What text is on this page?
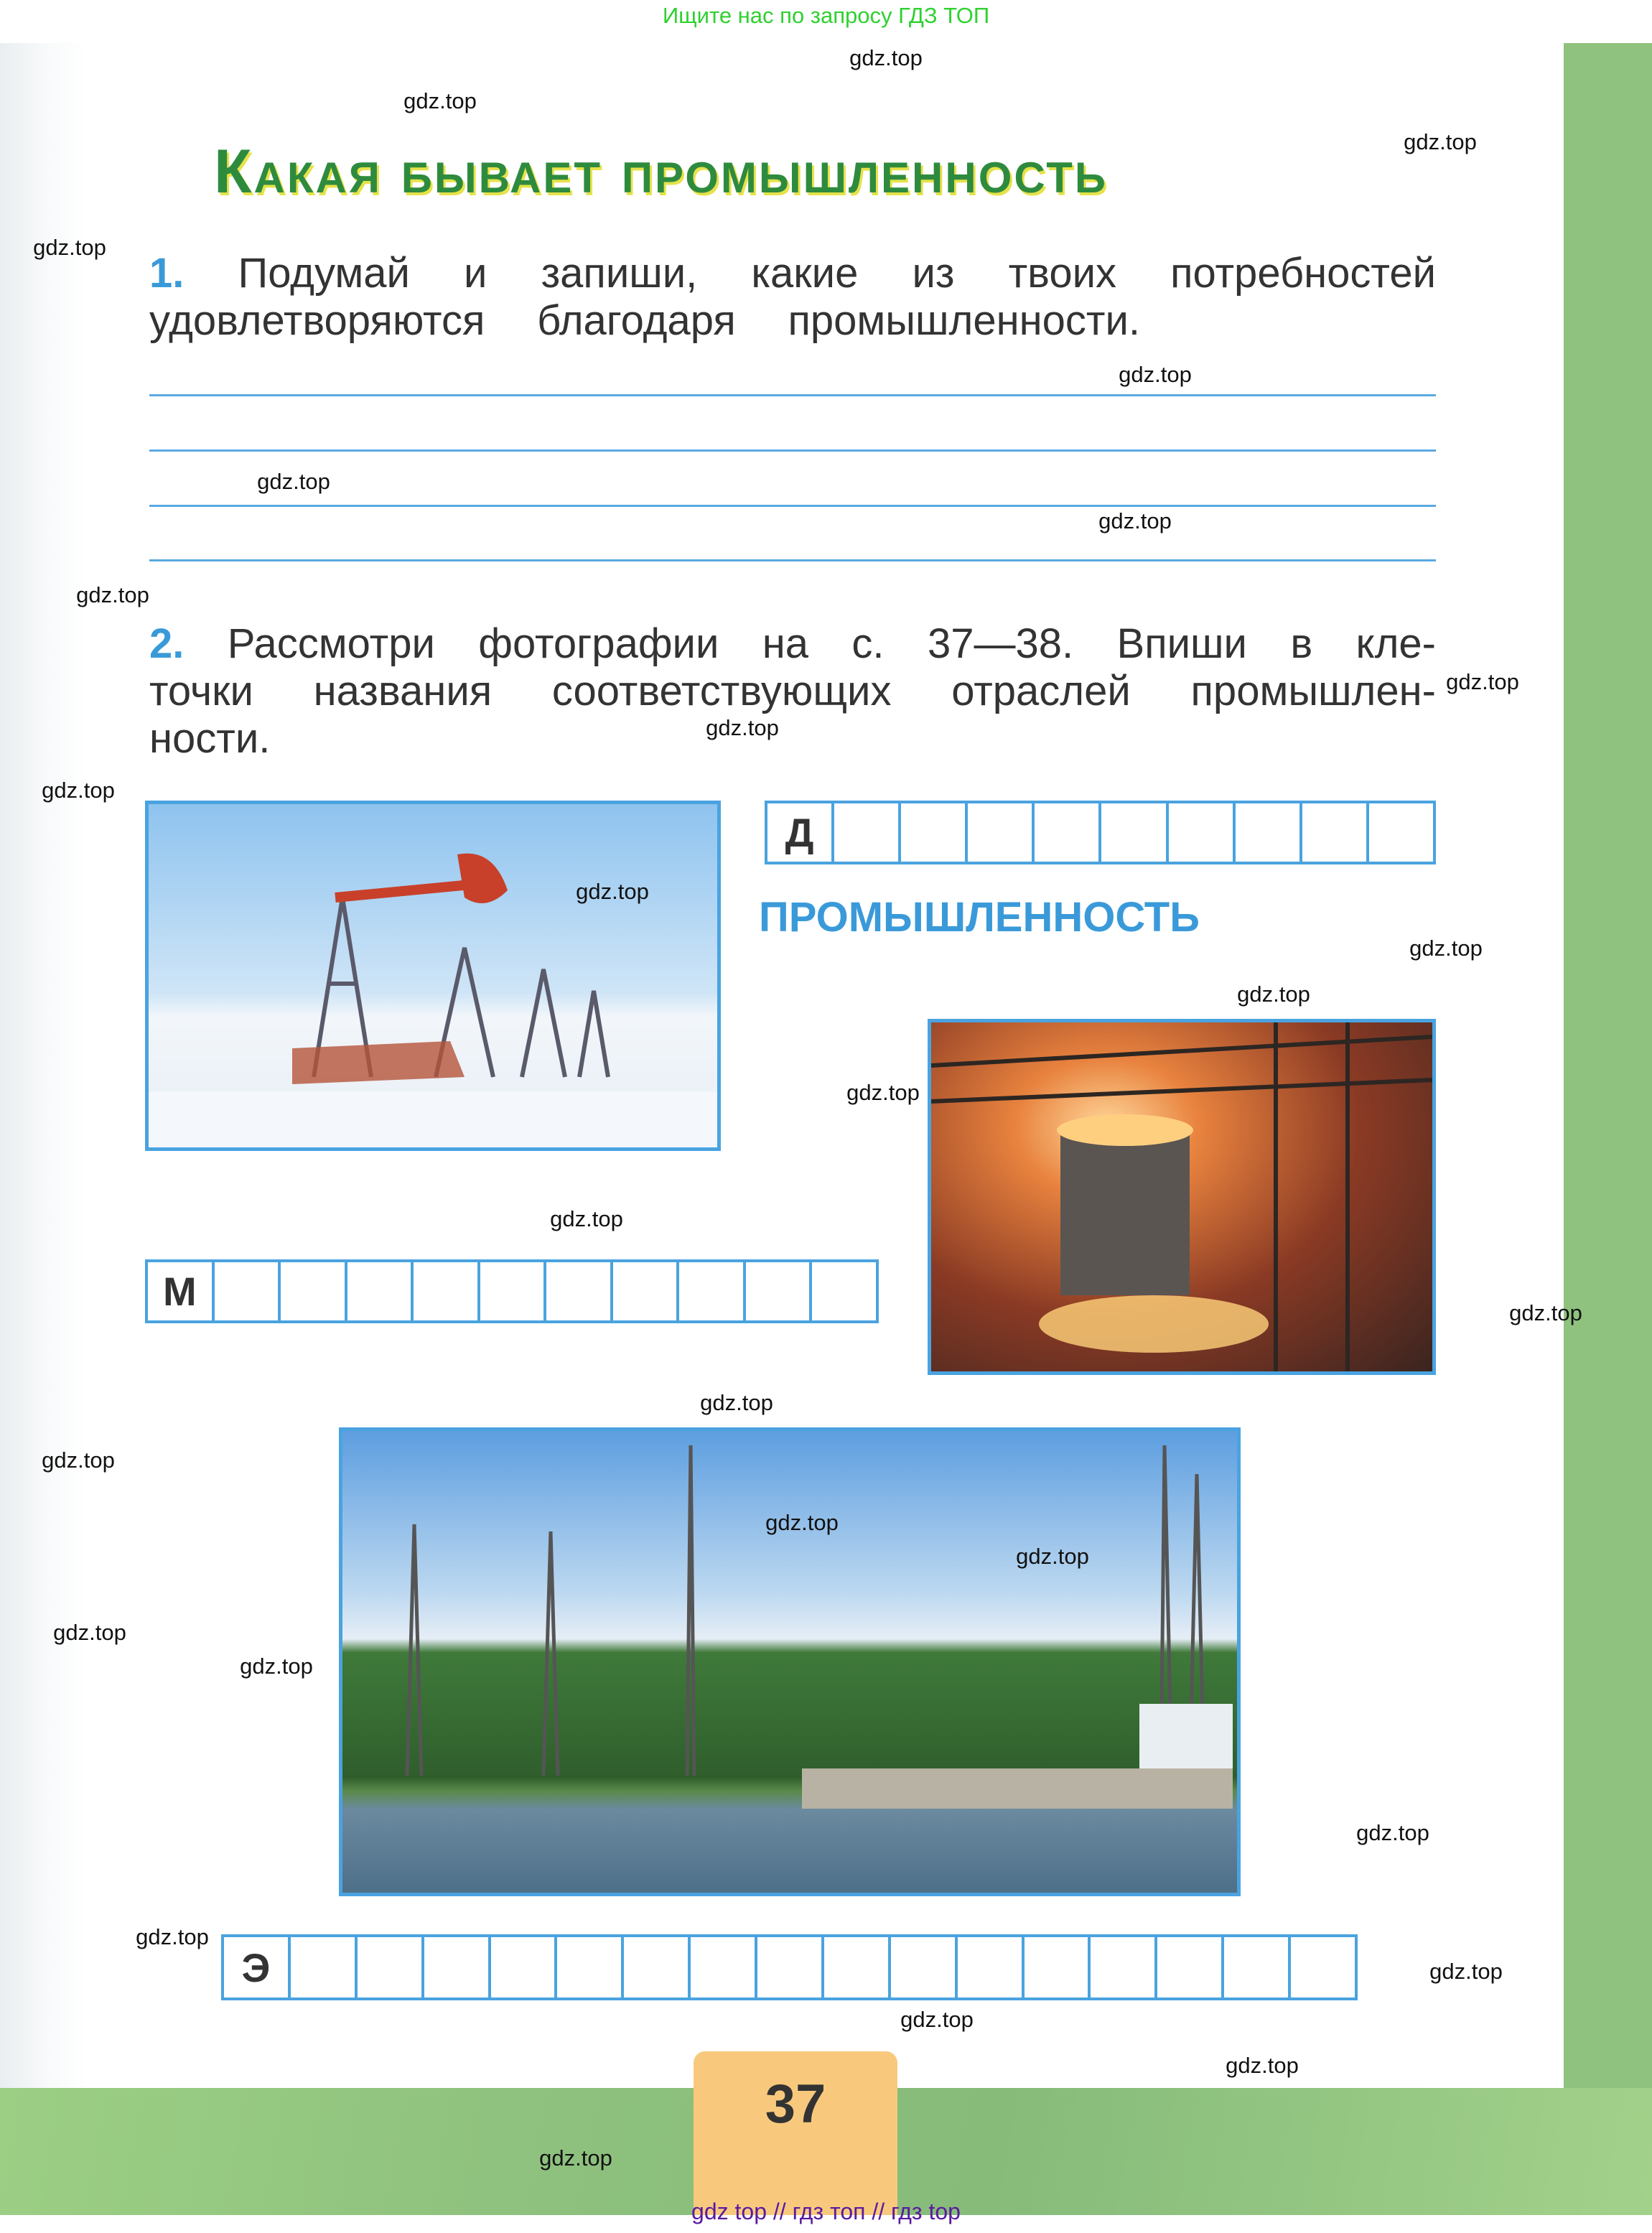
Ищите нас по запросу ГДЗ ТОП
37
gdz top // гдз топ // гдз top
Какая бывает промышленность
1. Подумай и запиши, какие из твоих потребностей
удовлетворяются благодаря промышленности.
2. Рассмотри фотографии на с. 37—38. Впиши в кле-
точки названия соответствующих отраслей промышлен-
ности.
Д
ПРОМЫШЛЕННОСТЬ
М
Э
gdz.top
gdz.top
gdz.top
gdz.top
gdz.top
gdz.top
gdz.top
gdz.top
gdz.top
gdz.top
gdz.top
gdz.top
gdz.top
gdz.top
gdz.top
gdz.top
gdz.top
gdz.top
gdz.top
gdz.top
gdz.top
gdz.top
gdz.top
gdz.top
gdz.top
gdz.top
gdz.top
gdz.top
gdz.top
